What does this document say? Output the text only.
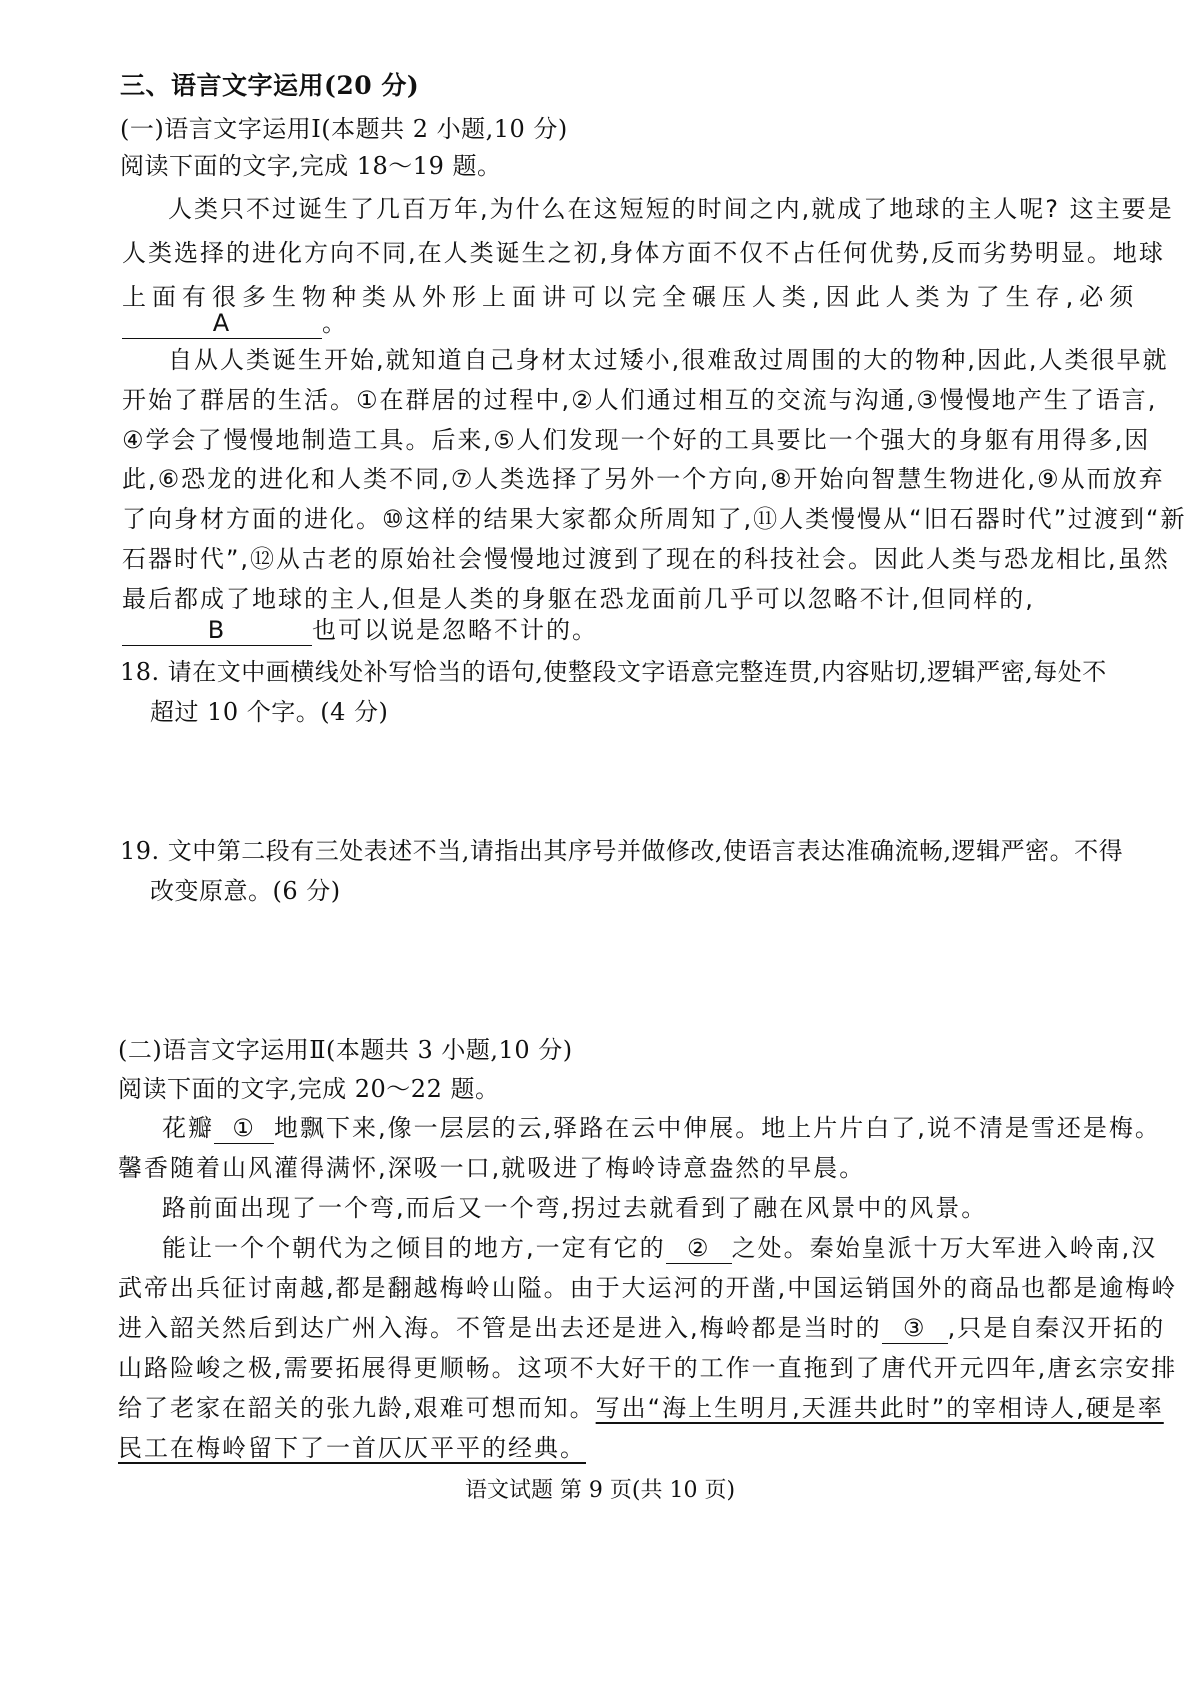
三、语言文字运用(20 分)
(一)语言文字运用Ⅰ(本题共 2 小题,10 分)
阅读下面的文字,完成 18～19 题。
人类只不过诞生了几百万年,为什么在这短短的时间之内,就成了地球的主人呢? 这主要是
人类选择的进化方向不同,在人类诞生之初,身体方面不仅不占任何优势,反而劣势明显。地球
上面有很多生物种类从外形上面讲可以完全碾压人类,因此人类为了生存,必须
A	。
自从人类诞生开始,就知道自己身材太过矮小,很难敌过周围的大的物种,因此,人类很早就
开始了群居的生活。①在群居的过程中,②人们通过相互的交流与沟通,③慢慢地产生了语言,
④学会了慢慢地制造工具。后来,⑤人们发现一个好的工具要比一个强大的身躯有用得多,因
此,⑥恐龙的进化和人类不同,⑦人类选择了另外一个方向,⑧开始向智慧生物进化,⑨从而放弃
了向身材方面的进化。⑩这样的结果大家都众所周知了,⑪人类慢慢从“旧石器时代”过渡到“新
石器时代”,⑫从古老的原始社会慢慢地过渡到了现在的科技社会。因此人类与恐龙相比,虽然
最后都成了地球的主人,但是人类的身躯在恐龙面前几乎可以忽略不计,但同样的,
B	也可以说是忽略不计的。
18. 请在文中画横线处补写恰当的语句,使整段文字语意完整连贯,内容贴切,逻辑严密,每处不
超过 10 个字。(4 分)
19. 文中第二段有三处表述不当,请指出其序号并做修改,使语言表达准确流畅,逻辑严密。不得
改变原意。(6 分)
(二)语言文字运用Ⅱ(本题共 3 小题,10 分)
阅读下面的文字,完成 20～22 题。
花瓣 ① 地飘下来,像一层层的云,驿路在云中伸展。地上片片白了,说不清是雪还是梅。
馨香随着山风灌得满怀,深吸一口,就吸进了梅岭诗意盎然的早晨。
路前面出现了一个弯,而后又一个弯,拐过去就看到了融在风景中的风景。
能让一个个朝代为之倾目的地方,一定有它的 ② 之处。秦始皇派十万大军进入岭南,汉
武帝出兵征讨南越,都是翻越梅岭山隘。由于大运河的开凿,中国运销国外的商品也都是逾梅岭
进入韶关然后到达广州入海。不管是出去还是进入,梅岭都是当时的 ③ ,只是自秦汉开拓的
山路险峻之极,需要拓展得更顺畅。这项不大好干的工作一直拖到了唐代开元四年,唐玄宗安排
给了老家在韶关的张九龄,艰难可想而知。写出“海上生明月,天涯共此时”的宰相诗人,硬是率
民工在梅岭留下了一首仄仄平平的经典。
语文试题 第 9 页(共 10 页)
